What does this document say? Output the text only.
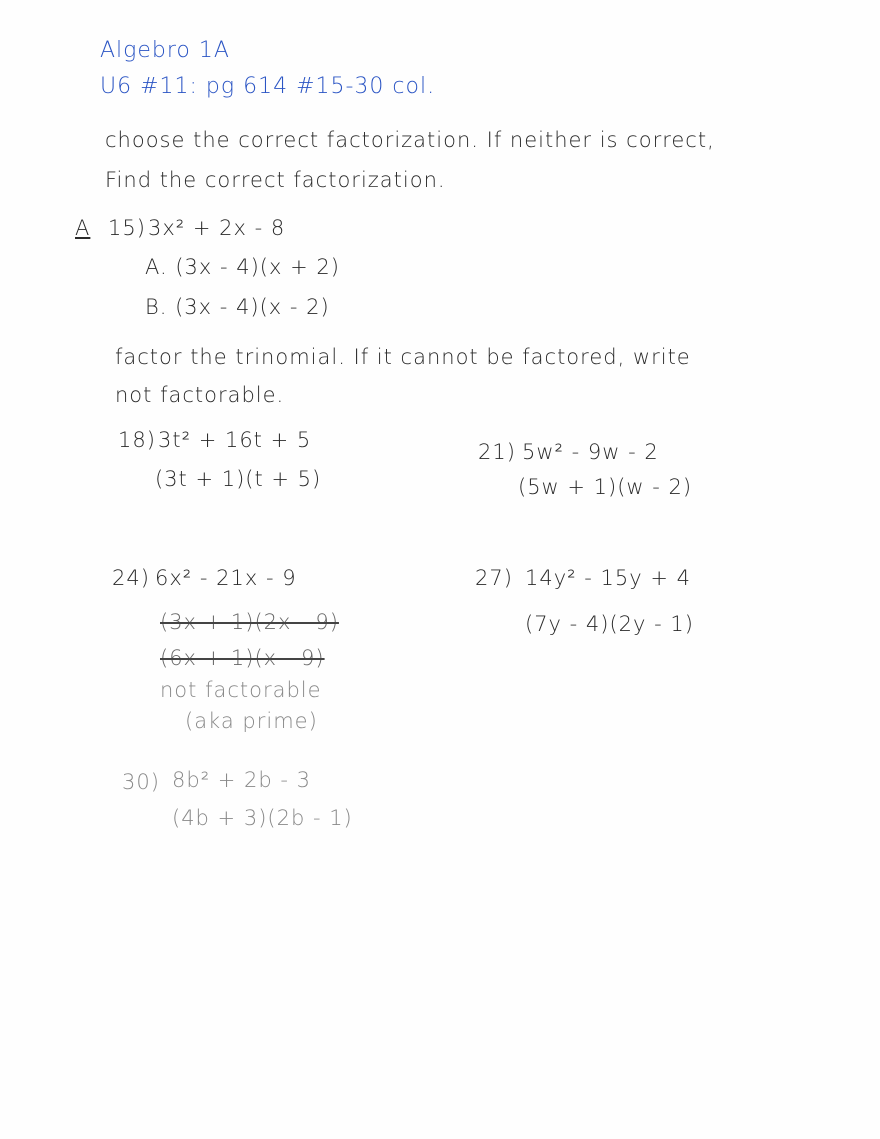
Algebro 1A
U6 #11: pg 614 #15-30 col.
choose the correct factorization. If neither is correct,
Find the correct factorization.
A 15) 3x² + 2x - 8
A. (3x - 4)(x + 2)
B. (3x - 4)(x - 2)
factor the trinomial. If it cannot be factored, write
not factorable.
18) 3t² + 16t + 5
(3t + 1)(t + 5)
21) 5w² - 9w - 2
(5w + 1)(w - 2)
24) 6x² - 21x - 9
(3x + 1)(2x - 9)
(6x + 1)(x - 9)
not factorable
(aka prime)
27) 14y² - 15y + 4
(7y - 4)(2y - 1)
30) 8b² + 2b - 3
(4b + 3)(2b - 1)
